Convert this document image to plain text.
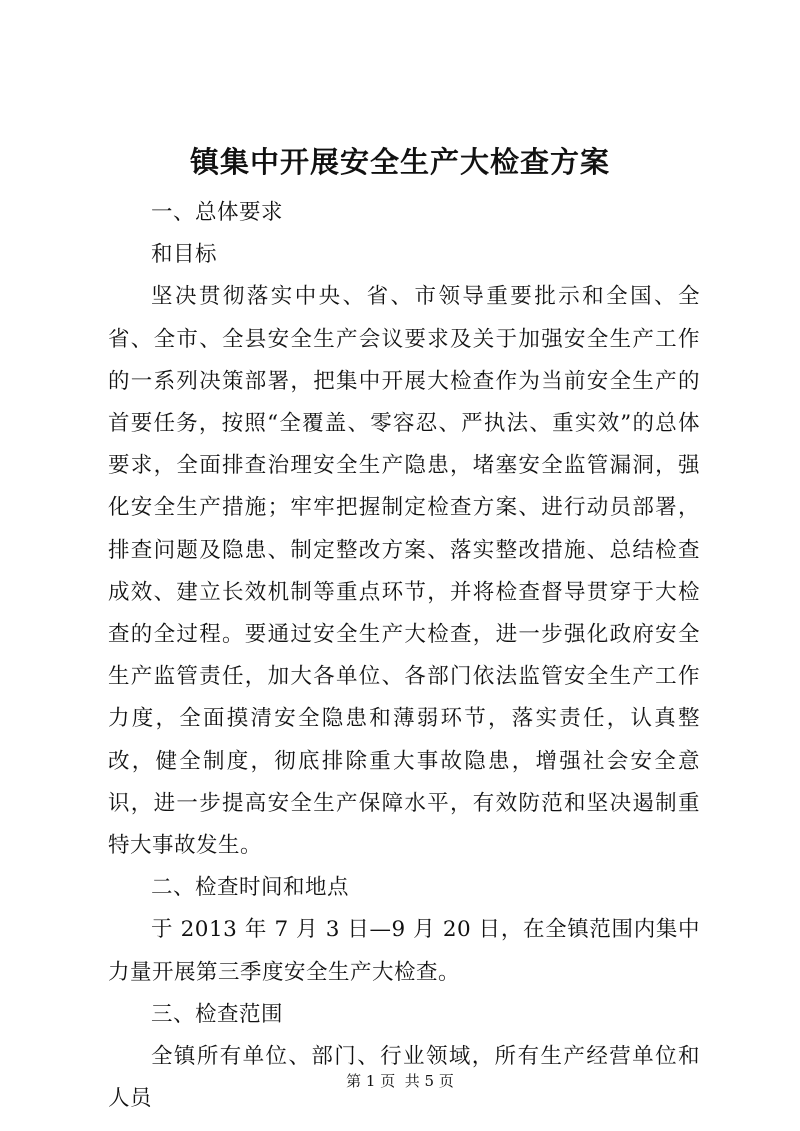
镇集中开展安全生产大检查方案

一、总体要求

和目标

坚决贯彻落实中央、省、市领导重要批示和全国、全省、全市、全县安全生产会议要求及关于加强安全生产工作的一系列决策部署，把集中开展大检查作为当前安全生产的首要任务，按照“全覆盖、零容忍、严执法、重实效”的总体要求，全面排查治理安全生产隐患，堵塞安全监管漏洞，强化安全生产措施；牢牢把握制定检查方案、进行动员部署，排查问题及隐患、制定整改方案、落实整改措施、总结检查成效、建立长效机制等重点环节，并将检查督导贯穿于大检查的全过程。要通过安全生产大检查，进一步强化政府安全生产监管责任，加大各单位、各部门依法监管安全生产工作力度，全面摸清安全隐患和薄弱环节，落实责任，认真整改，健全制度，彻底排除重大事故隐患，增强社会安全意识，进一步提高安全生产保障水平，有效防范和坚决遏制重特大事故发生。

二、检查时间和地点

于 2013 年 7 月 3 日—9 月 20 日，在全镇范围内集中力量开展第三季度安全生产大检查。

三、检查范围

全镇所有单位、部门、行业领域，所有生产经营单位和人员

第 1 页  共 5 页
